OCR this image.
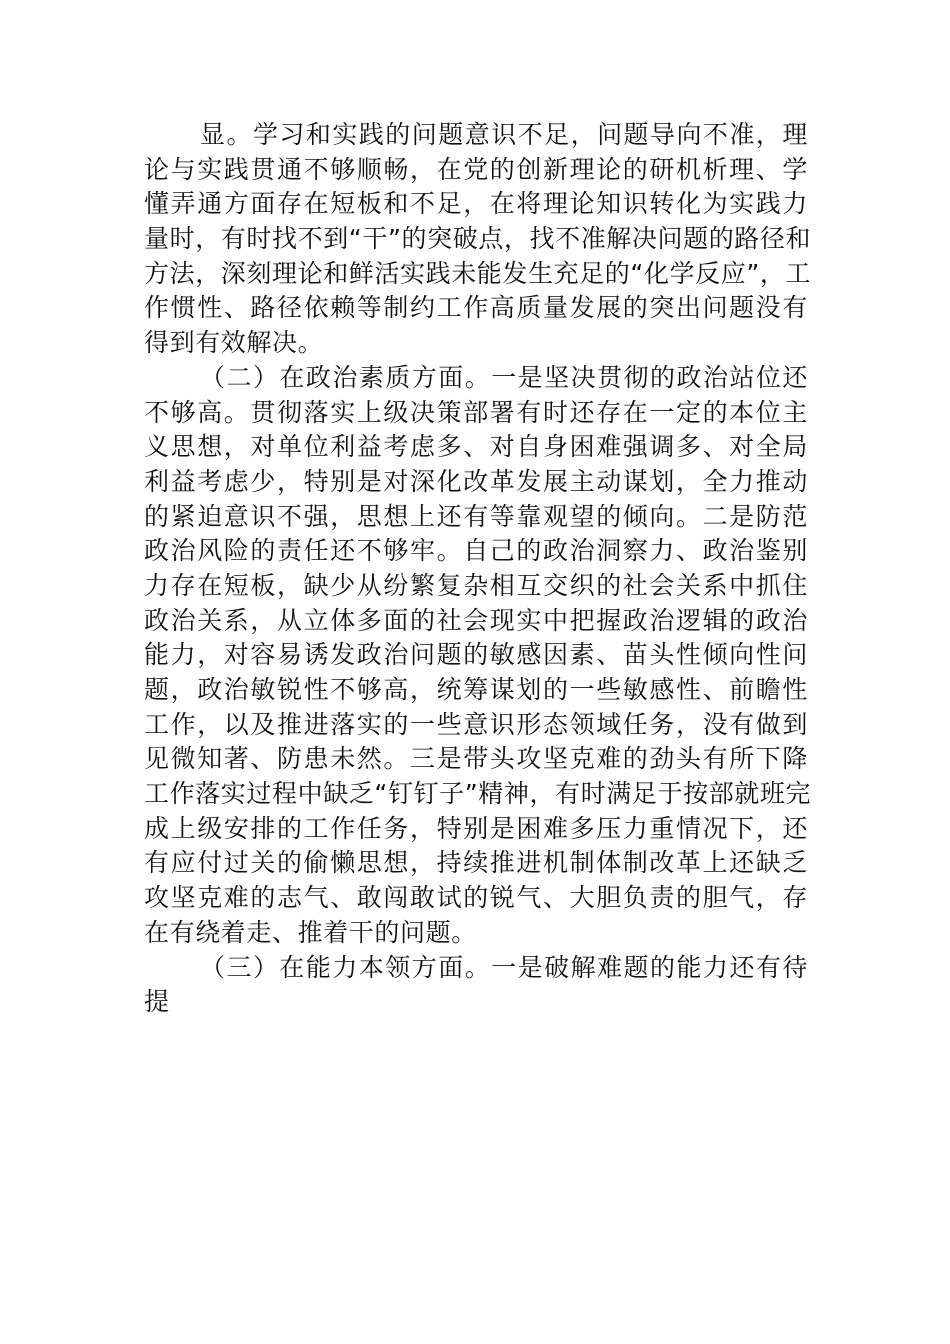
显。学习和实践的问题意识不足，问题导向不准，理
论与实践贯通不够顺畅，在党的创新理论的研机析理、学
懂弄通方面存在短板和不足，在将理论知识转化为实践力
量时，有时找不到“干”的突破点，找不准解决问题的路径和
方法，深刻理论和鲜活实践未能发生充足的“化学反应”，工
作惯性、路径依赖等制约工作高质量发展的突出问题没有
得到有效解决。
（二）在政治素质方面。一是坚决贯彻的政治站位还
不够高。贯彻落实上级决策部署有时还存在一定的本位主
义思想，对单位利益考虑多、对自身困难强调多、对全局
利益考虑少，特别是对深化改革发展主动谋划，全力推动
的紧迫意识不强，思想上还有等靠观望的倾向。二是防范
政治风险的责任还不够牢。自己的政治洞察力、政治鉴别
力存在短板，缺少从纷繁复杂相互交织的社会关系中抓住
政治关系，从立体多面的社会现实中把握政治逻辑的政治
能力，对容易诱发政治问题的敏感因素、苗头性倾向性问
题，政治敏锐性不够高，统筹谋划的一些敏感性、前瞻性
工作，以及推进落实的一些意识形态领域任务，没有做到
见微知著、防患未然。三是带头攻坚克难的劲头有所下降
工作落实过程中缺乏“钉钉子”精神，有时满足于按部就班完
成上级安排的工作任务，特别是困难多压力重情况下，还
有应付过关的偷懒思想，持续推进机制体制改革上还缺乏
攻坚克难的志气、敢闯敢试的锐气、大胆负责的胆气，存
在有绕着走、推着干的问题。
（三）在能力本领方面。一是破解难题的能力还有待
提
